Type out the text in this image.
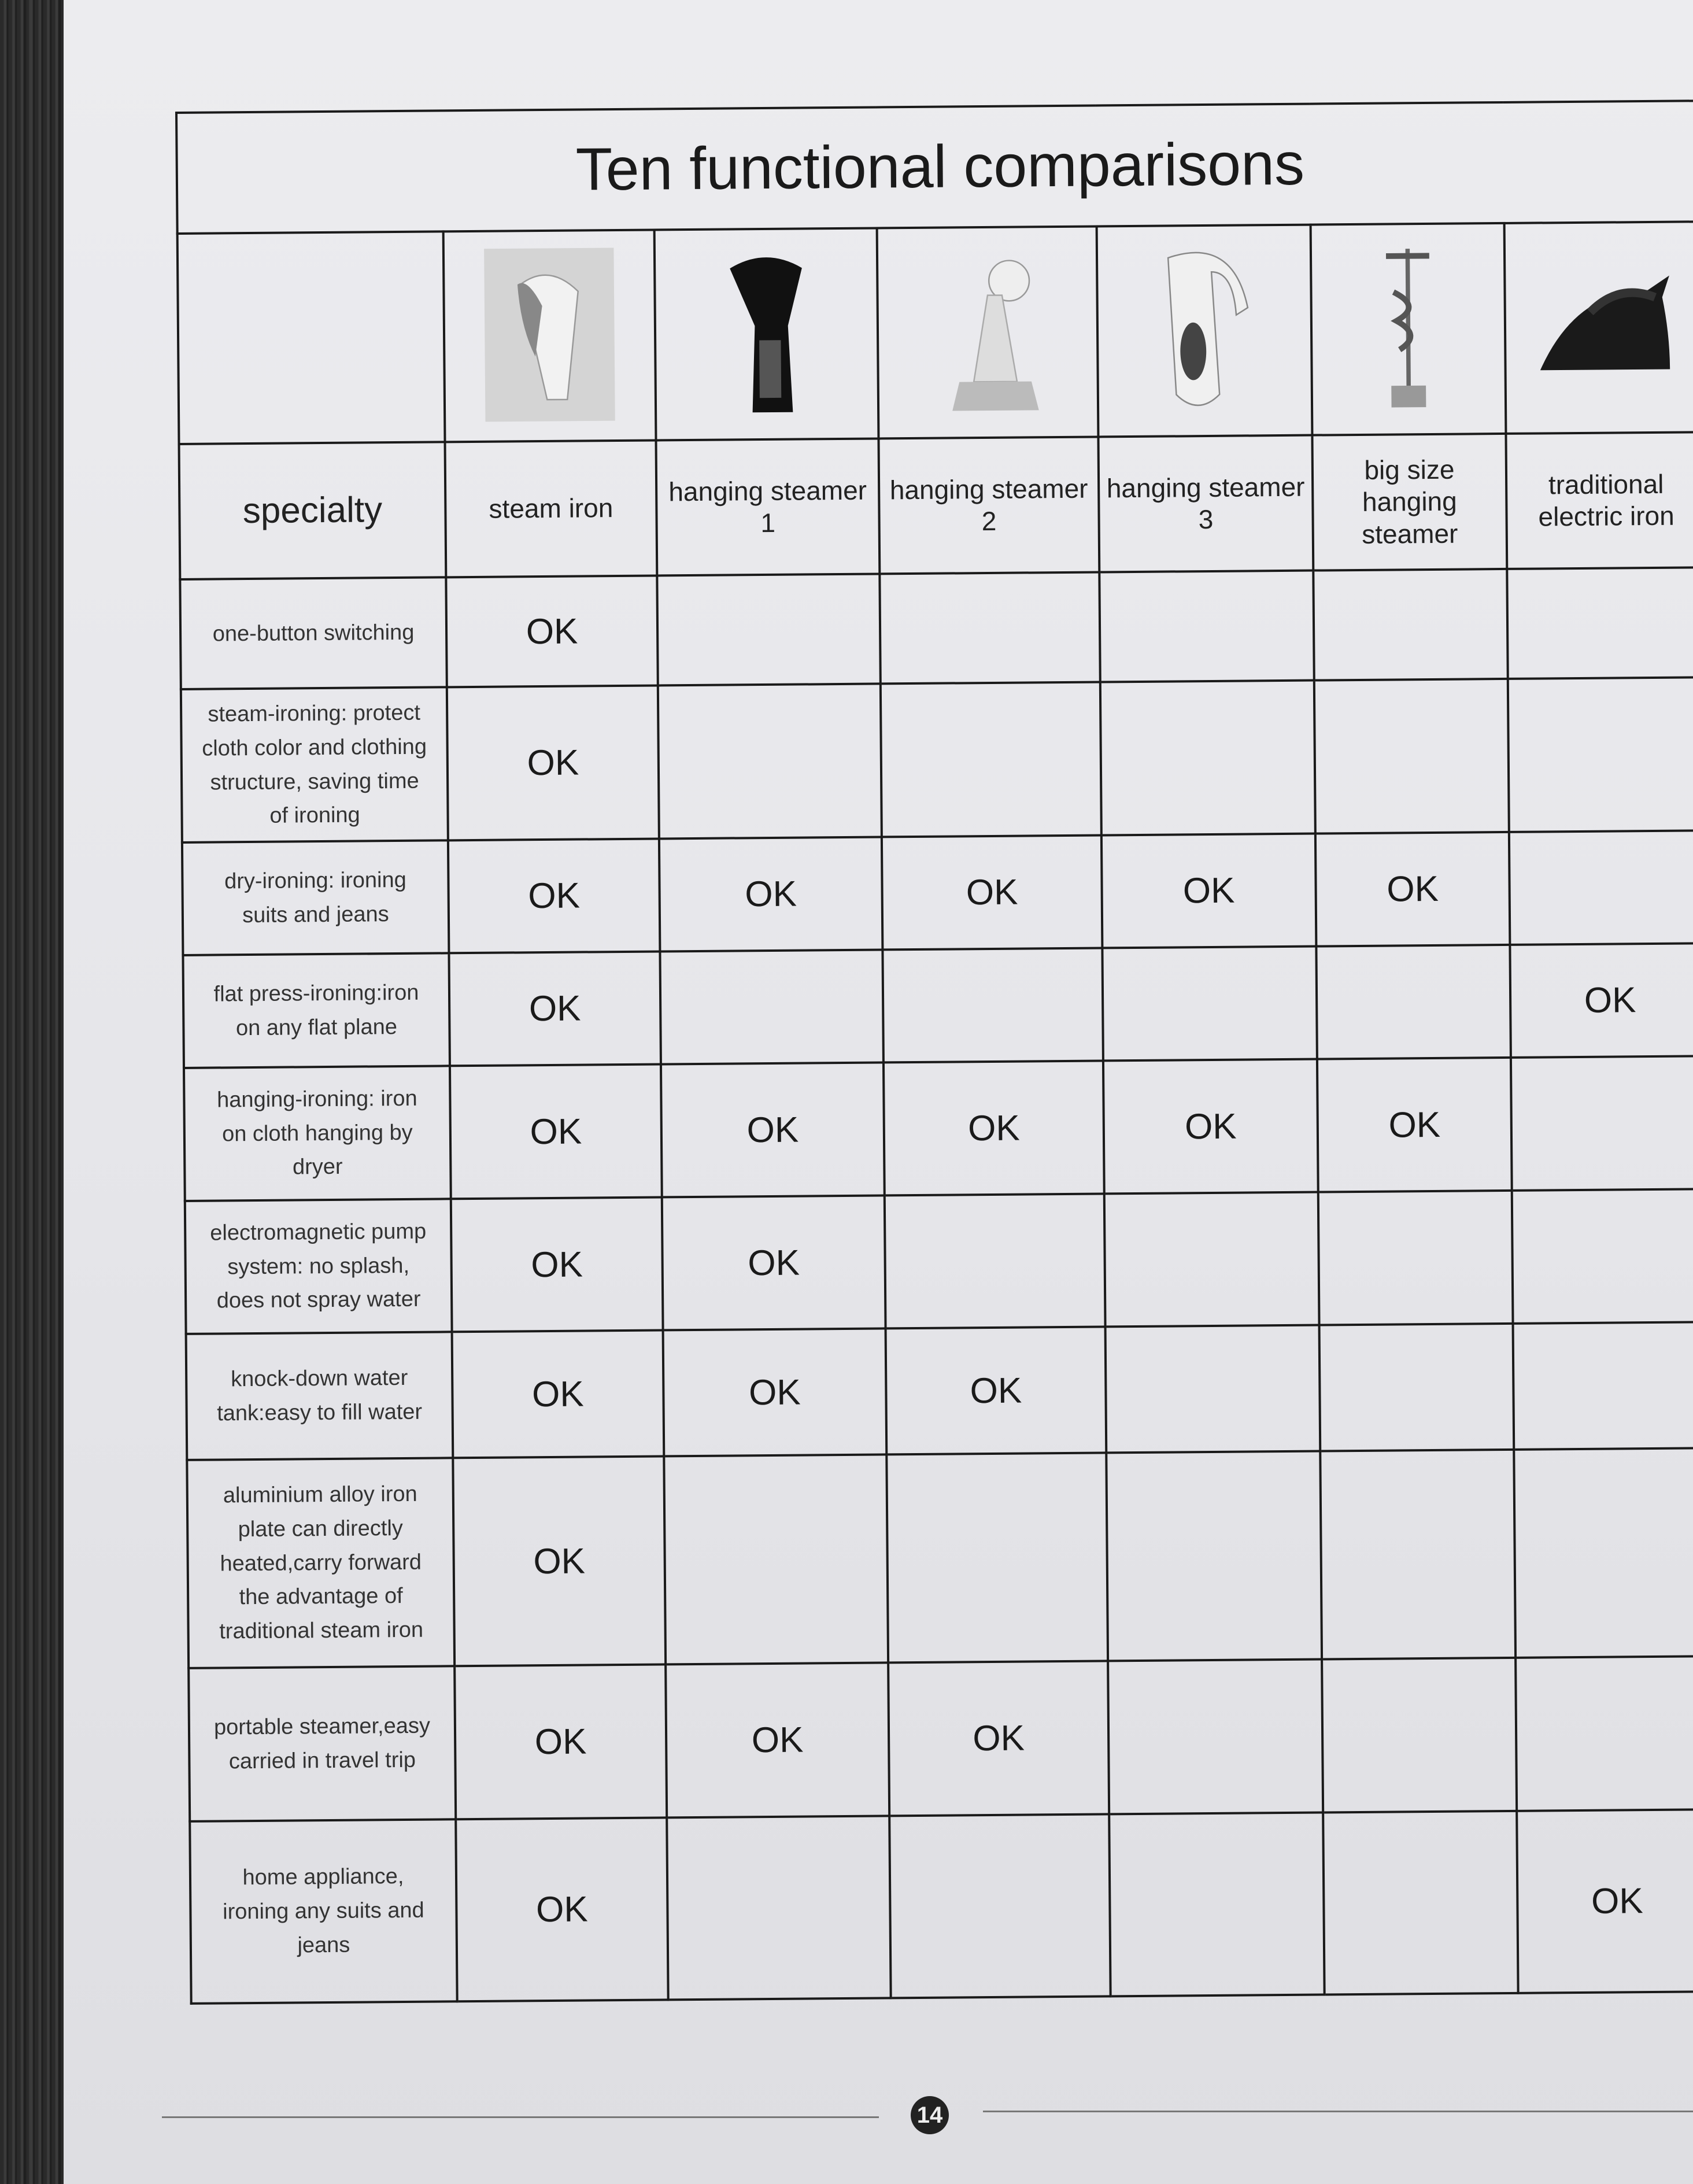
Ten functional comparisons						

specialty	steam iron	hanging steamer 1	hanging steamer 2	hanging steamer 3	big size hanging steamer	traditional electric iron
one-button switching	OK					
steam-ironing: protect cloth color and clothing structure, saving time of ironing	OK					
dry-ironing: ironing suits and jeans	OK	OK	OK	OK	OK	
flat press-ironing:iron on any flat plane	OK					OK
hanging-ironing: iron on cloth hanging by dryer	OK	OK	OK	OK	OK	
electromagnetic pump system: no splash, does not spray water	OK	OK				
knock-down water tank:easy to fill water	OK	OK	OK			
aluminium alloy iron plate can directly heated,carry forward the advantage of traditional steam iron	OK					
portable steamer,easy carried in travel trip	OK	OK	OK			
home appliance, ironing any suits and jeans	OK					OK
14
